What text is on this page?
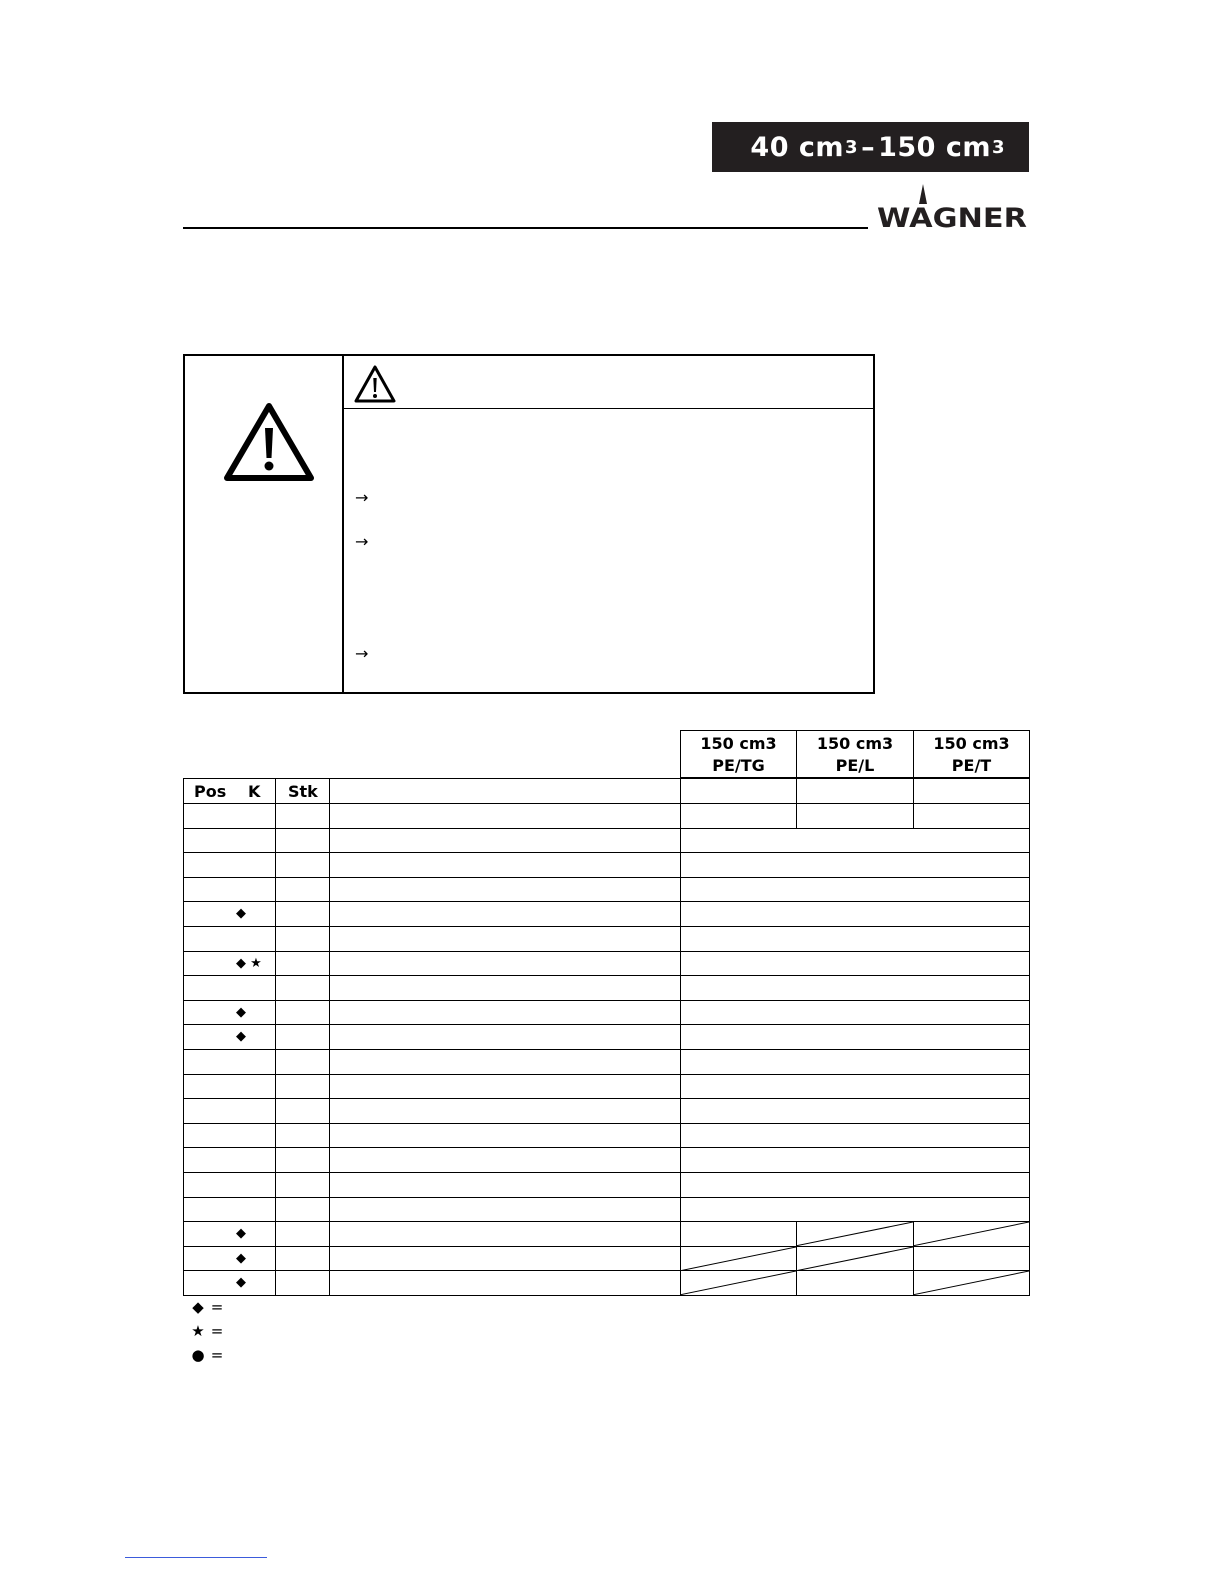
40 cm 3 – 150 cm 3
WAGNER
→
→
→
150 cm3
PE/TG
150 cm3
PE/L
150 cm3
PE/T
Pos K Stk
◆
◆ ★
◆
◆
◆
◆
◆
◆ =
★ =
● =
